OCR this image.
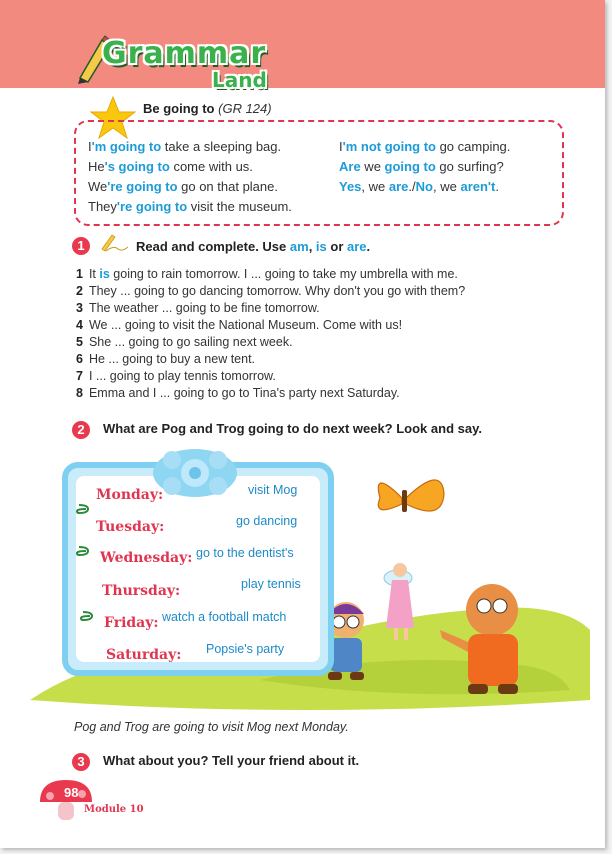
Grammar
Land
Be going to (GR 124)
I'm going to take a sleeping bag.
He's going to come with us.
We're going to go on that plane.
They're going to visit the museum.
I'm not going to go camping.
Are we going to go surfing?
Yes, we are./No, we aren't.
1	Read and complete. Use am, is or are.
1 It is going to rain tomorrow. I ... going to take my umbrella with me.
2 They ... going to go dancing tomorrow. Why don't you go with them?
3 The weather ... going to be fine tomorrow.
4 We ... going to visit the National Museum. Come with us!
5 She ... going to go sailing next week.
6 He ... going to buy a new tent.
7 I ... going to play tennis tomorrow.
8 Emma and I ... going to go to Tina's party next Saturday.
2	What are Pog and Trog going to do next week? Look and say.
Monday:	visit Mog
Tuesday:	go dancing
Wednesday: go to the dentist's
Thursday:	play tennis
Friday: watch a football match
Saturday: Popsie's party
Pog and Trog are going to visit Mog next Monday.
3	What about you? Tell your friend about it.
98
Module 10
